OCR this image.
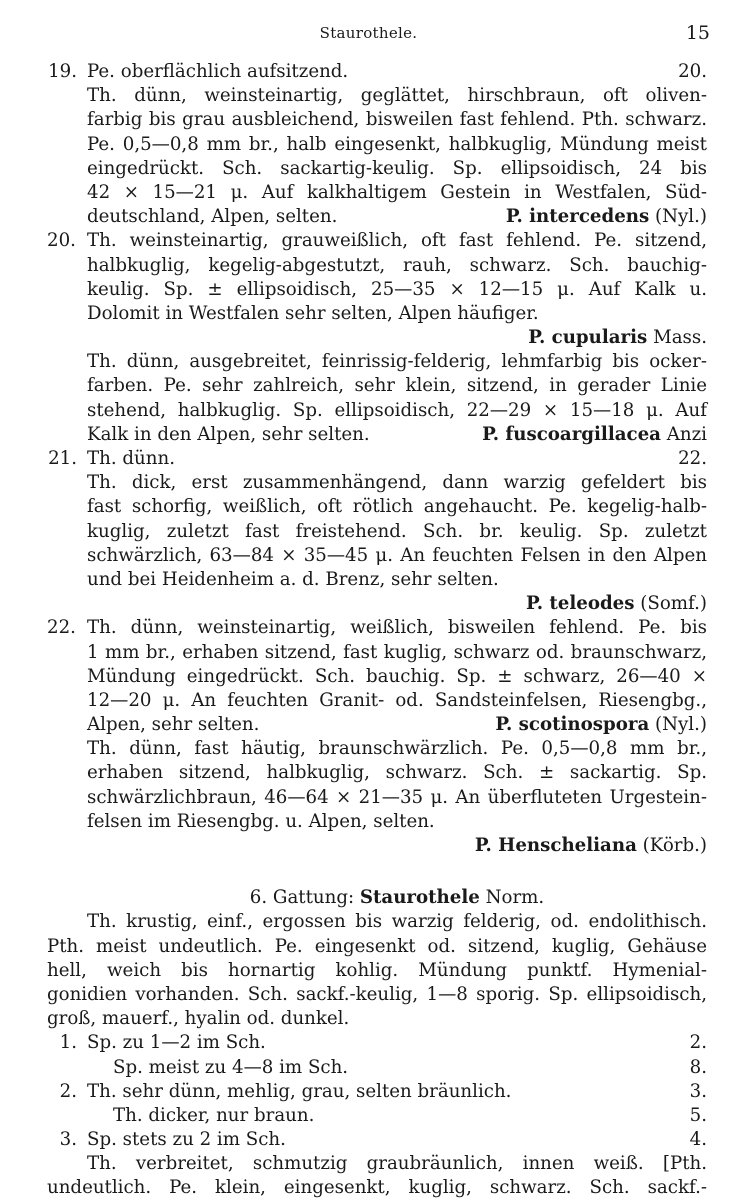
Staurothele.	15
19. Pe. oberflächlich aufsitzend.	20.
Th. dünn, weinsteinartig, geglättet, hirschbraun, oft oliven-
farbig bis grau ausbleichend, bisweilen fast fehlend. Pth. schwarz.
Pe. 0,5—0,8 mm br., halb eingesenkt, halbkuglig, Mündung meist
eingedrückt. Sch. sackartig-keulig. Sp. ellipsoidisch, 24 bis
42 × 15—21 μ. Auf kalkhaltigem Gestein in Westfalen, Süd-
deutschland, Alpen, selten.	P. intercedens (Nyl.)
20. Th. weinsteinartig, grauweißlich, oft fast fehlend. Pe. sitzend,
halbkuglig, kegelig-abgestutzt, rauh, schwarz. Sch. bauchig-
keulig. Sp. ± ellipsoidisch, 25—35 × 12—15 μ. Auf Kalk u.
Dolomit in Westfalen sehr selten, Alpen häufiger.
P. cupularis Mass.
Th. dünn, ausgebreitet, feinrissig-felderig, lehmfarbig bis ocker-
farben. Pe. sehr zahlreich, sehr klein, sitzend, in gerader Linie
stehend, halbkuglig. Sp. ellipsoidisch, 22—29 × 15—18 μ. Auf
Kalk in den Alpen, sehr selten.	P. fuscoargillacea Anzi
21. Th. dünn.	22.
Th. dick, erst zusammenhängend, dann warzig gefeldert bis
fast schorfig, weißlich, oft rötlich angehaucht. Pe. kegelig-halb-
kuglig, zuletzt fast freistehend. Sch. br. keulig. Sp. zuletzt
schwärzlich, 63—84 × 35—45 μ. An feuchten Felsen in den Alpen
und bei Heidenheim a. d. Brenz, sehr selten.
P. teleodes (Somf.)
22. Th. dünn, weinsteinartig, weißlich, bisweilen fehlend. Pe. bis
1 mm br., erhaben sitzend, fast kuglig, schwarz od. braunschwarz,
Mündung eingedrückt. Sch. bauchig. Sp. ± schwarz, 26—40 ×
12—20 μ. An feuchten Granit- od. Sandsteinfelsen, Riesengbg.,
Alpen, sehr selten.	P. scotinospora (Nyl.)
Th. dünn, fast häutig, braunschwärzlich. Pe. 0,5—0,8 mm br.,
erhaben sitzend, halbkuglig, schwarz. Sch. ± sackartig. Sp.
schwärzlichbraun, 46—64 × 21—35 μ. An überfluteten Urgestein-
felsen im Riesengbg. u. Alpen, selten.
P. Henscheliana (Körb.)
6. Gattung: Staurothele Norm.
Th. krustig, einf., ergossen bis warzig felderig, od. endolithisch.
Pth. meist undeutlich. Pe. eingesenkt od. sitzend, kuglig, Gehäuse
hell, weich bis hornartig kohlig. Mündung punktf. Hymenial-
gonidien vorhanden. Sch. sackf.-keulig, 1—8 sporig. Sp. ellipsoidisch,
groß, mauerf., hyalin od. dunkel.
1. Sp. zu 1—2 im Sch.	2.
Sp. meist zu 4—8 im Sch.	8.
2. Th. sehr dünn, mehlig, grau, selten bräunlich.	3.
Th. dicker, nur braun.	5.
3. Sp. stets zu 2 im Sch.	4.
Th. verbreitet, schmutzig graubräunlich, innen weiß. [Pth.
undeutlich. Pe. klein, eingesenkt, kuglig, schwarz. Sch. sackf.-
